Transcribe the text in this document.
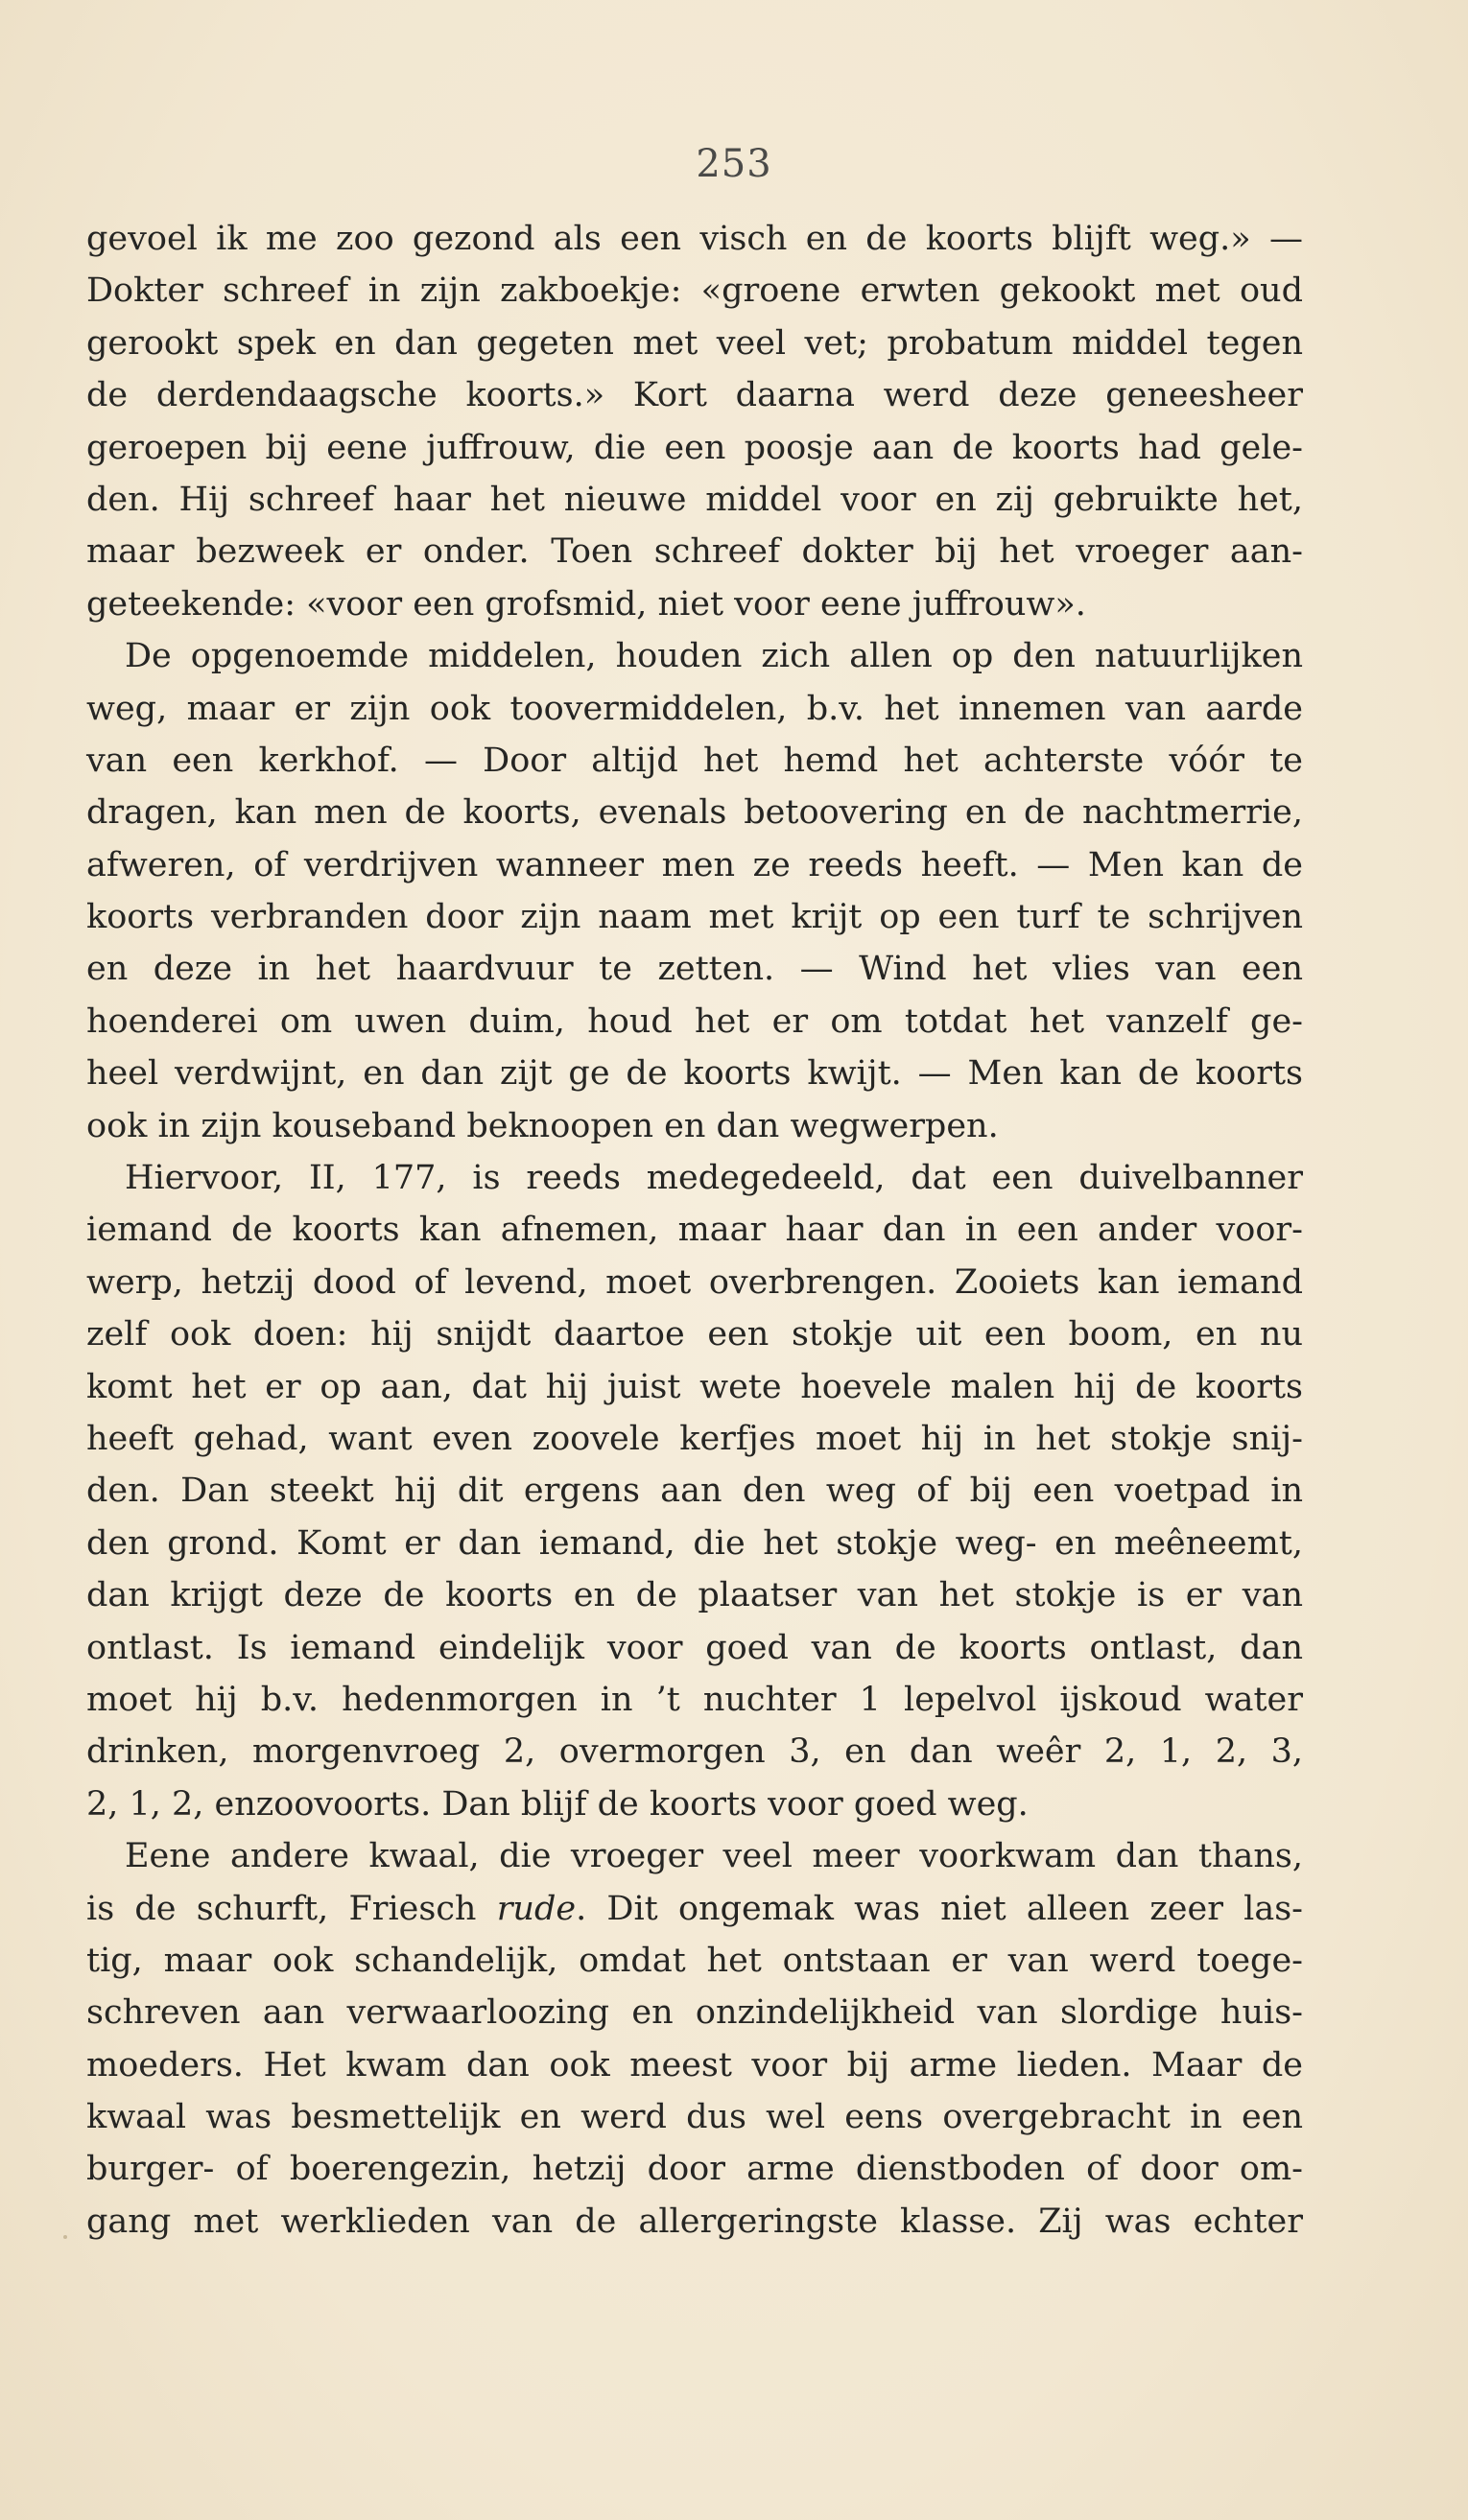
253
gevoel ik me zoo gezond als een visch en de koorts blijft weg.» —
Dokter schreef in zijn zakboekje: «groene erwten gekookt met oud
gerookt spek en dan gegeten met veel vet; probatum middel tegen
de derdendaagsche koorts.» Kort daarna werd deze geneesheer
geroepen bij eene juffrouw, die een poosje aan de koorts had gele-
den. Hij schreef haar het nieuwe middel voor en zij gebruikte het,
maar bezweek er onder. Toen schreef dokter bij het vroeger aan-
geteekende: «voor een grofsmid, niet voor eene juffrouw».
De opgenoemde middelen, houden zich allen op den natuurlijken
weg, maar er zijn ook toovermiddelen, b.v. het innemen van aarde
van een kerkhof. — Door altijd het hemd het achterste vóór te
dragen, kan men de koorts, evenals betoovering en de nachtmerrie,
afweren, of verdrijven wanneer men ze reeds heeft. — Men kan de
koorts verbranden door zijn naam met krijt op een turf te schrijven
en deze in het haardvuur te zetten. — Wind het vlies van een
hoenderei om uwen duim, houd het er om totdat het vanzelf ge-
heel verdwijnt, en dan zijt ge de koorts kwijt. — Men kan de koorts
ook in zijn kouseband beknoopen en dan wegwerpen.
Hiervoor, II, 177, is reeds medegedeeld, dat een duivelbanner
iemand de koorts kan afnemen, maar haar dan in een ander voor-
werp, hetzij dood of levend, moet overbrengen. Zooiets kan iemand
zelf ook doen: hij snijdt daartoe een stokje uit een boom, en nu
komt het er op aan, dat hij juist wete hoevele malen hij de koorts
heeft gehad, want even zoovele kerfjes moet hij in het stokje snij-
den. Dan steekt hij dit ergens aan den weg of bij een voetpad in
den grond. Komt er dan iemand, die het stokje weg- en meêneemt,
dan krijgt deze de koorts en de plaatser van het stokje is er van
ontlast. Is iemand eindelijk voor goed van de koorts ontlast, dan
moet hij b.v. hedenmorgen in ’t nuchter 1 lepelvol ijskoud water
drinken, morgenvroeg 2, overmorgen 3, en dan weêr 2, 1, 2, 3,
2, 1, 2, enzoovoorts. Dan blijf de koorts voor goed weg.
Eene andere kwaal, die vroeger veel meer voorkwam dan thans,
is de schurft, Friesch rude. Dit ongemak was niet alleen zeer las-
tig, maar ook schandelijk, omdat het ontstaan er van werd toege-
schreven aan verwaarloozing en onzindelijkheid van slordige huis-
moeders. Het kwam dan ook meest voor bij arme lieden. Maar de
kwaal was besmettelijk en werd dus wel eens overgebracht in een
burger- of boerengezin, hetzij door arme dienstboden of door om-
gang met werklieden van de allergeringste klasse. Zij was echter
